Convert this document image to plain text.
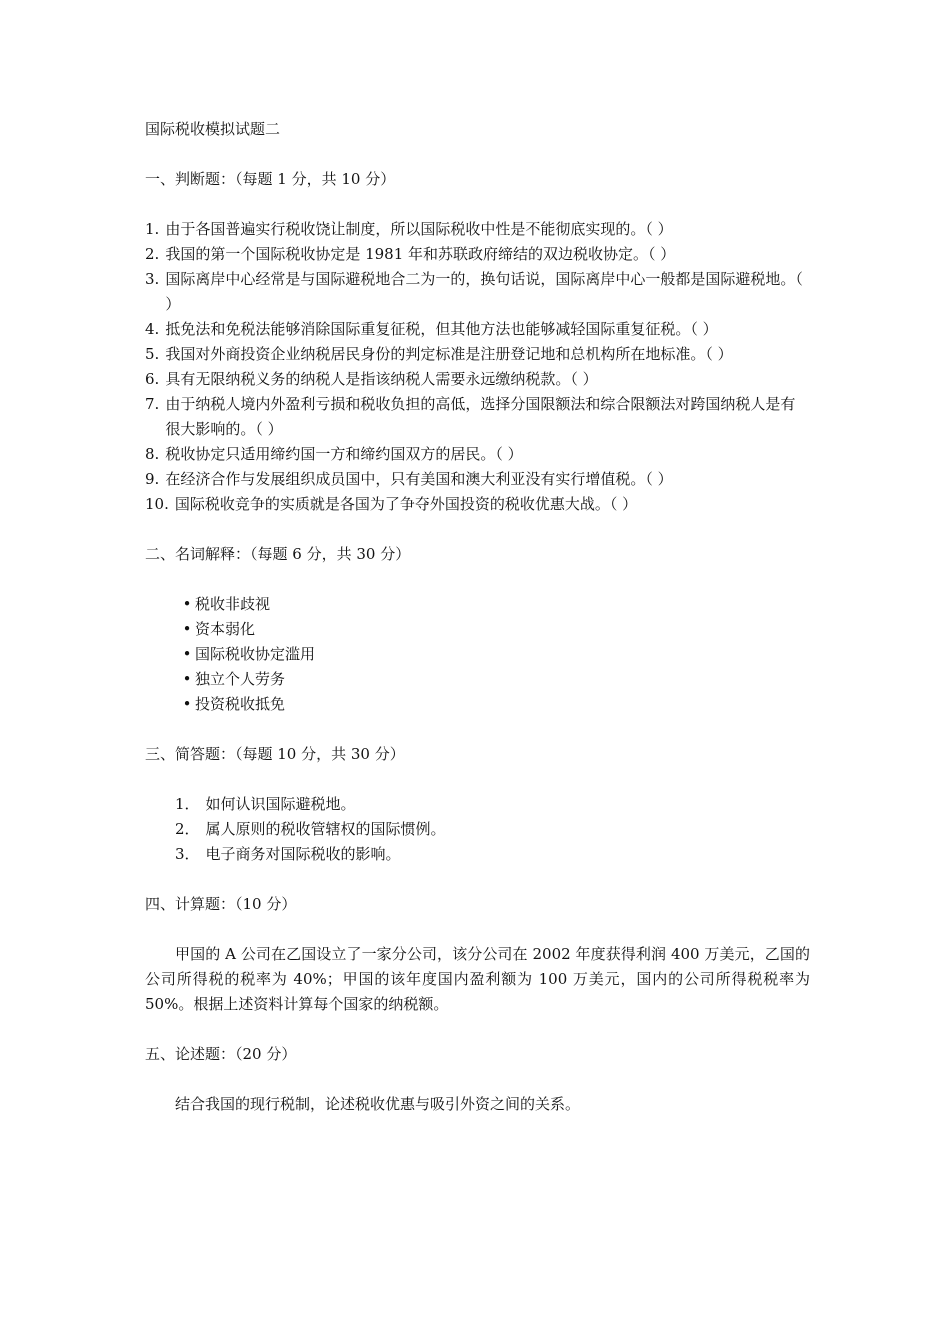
国际税收模拟试题二
一、判断题：（每题 1 分，共 10 分）
1. 由于各国普遍实行税收饶让制度，所以国际税收中性是不能彻底实现的。（ ）
2. 我国的第一个国际税收协定是 1981 年和苏联政府缔结的双边税收协定。（ ）
3. 国际离岸中心经常是与国际避税地合二为一的，换句话说，国际离岸中心一般都是国际避税地。（ ）
4. 抵免法和免税法能够消除国际重复征税，但其他方法也能够减轻国际重复征税。（ ）
5. 我国对外商投资企业纳税居民身份的判定标准是注册登记地和总机构所在地标准。（ ）
6. 具有无限纳税义务的纳税人是指该纳税人需要永远缴纳税款。（ ）
7. 由于纳税人境内外盈利亏损和税收负担的高低，选择分国限额法和综合限额法对跨国纳税人是有很大影响的。（ ）
8. 税收协定只适用缔约国一方和缔约国双方的居民。（ ）
9. 在经济合作与发展组织成员国中，只有美国和澳大利亚没有实行增值税。（ ）
10. 国际税收竞争的实质就是各国为了争夺外国投资的税收优惠大战。（ ）
二、名词解释：（每题 6 分，共 30 分）
• 税收非歧视
• 资本弱化
• 国际税收协定滥用
• 独立个人劳务
• 投资税收抵免
三、简答题：（每题 10 分，共 30 分）
1． 如何认识国际避税地。
2． 属人原则的税收管辖权的国际惯例。
3． 电子商务对国际税收的影响。
四、计算题：（10 分）

甲国的 A 公司在乙国设立了一家分公司，该分公司在 2002 年度获得利润 400 万美元，乙国的公司所得税的税率为 40%；甲国的该年度国内盈利额为 100 万美元，国内的公司所得税税率为 50%。根据上述资料计算每个国家的纳税额。

五、论述题：（20 分）

结合我国的现行税制，论述税收优惠与吸引外资之间的关系。
